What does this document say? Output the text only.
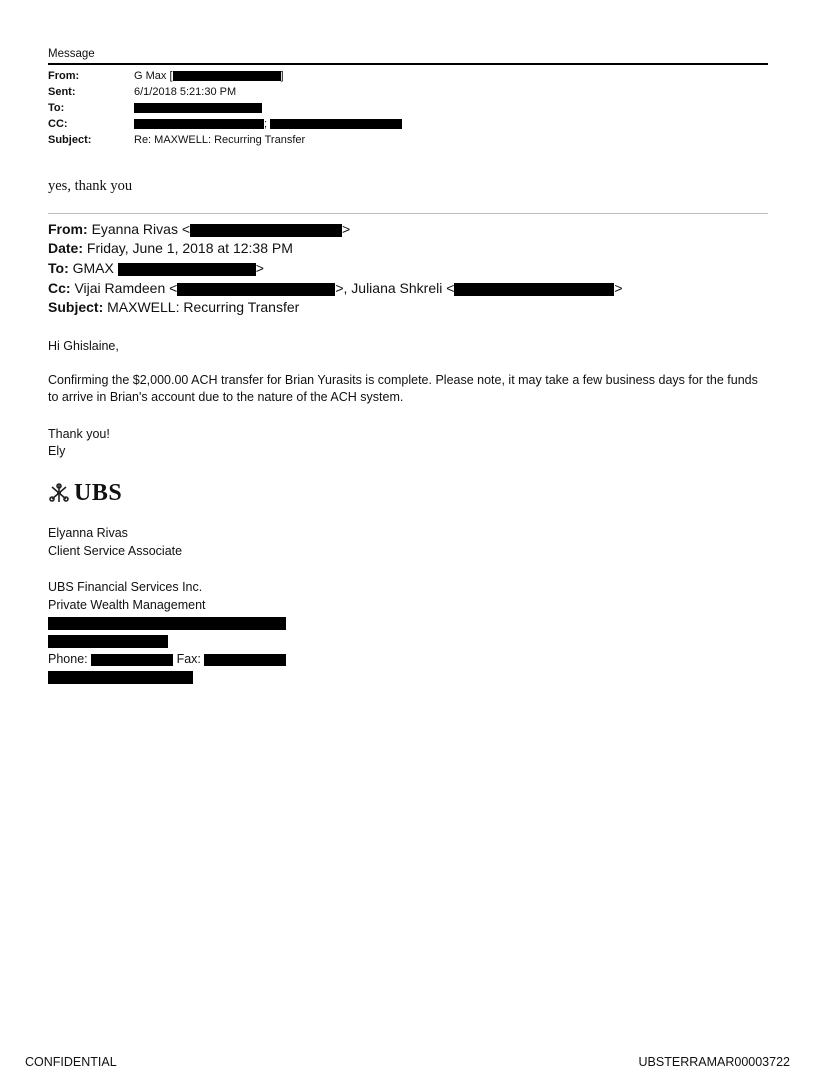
Message
From:	G Max [	]
Sent:	6/1/2018 5:21:30 PM
To:
CC:	;
Subject:	Re: MAXWELL: Recurring Transfer
yes, thank you
From: Eyanna Rivas <	>
Date: Friday, June 1, 2018 at 12:38 PM
To: GMAX	>
Cc: Vijai Ramdeen <	>, Juliana Shkreli <	>
Subject: MAXWELL: Recurring Transfer
Hi Ghislaine,
Confirming the $2,000.00 ACH transfer for Brian Yurasits is complete. Please note, it may take a few business days for the funds to arrive in Brian's account due to the nature of the ACH system.
Thank you!
Ely
UBS
Elyanna Rivas
Client Service Associate
UBS Financial Services Inc.
Private Wealth Management
Phone:	Fax:
CONFIDENTIAL	UBSTERRAMAR00003722
